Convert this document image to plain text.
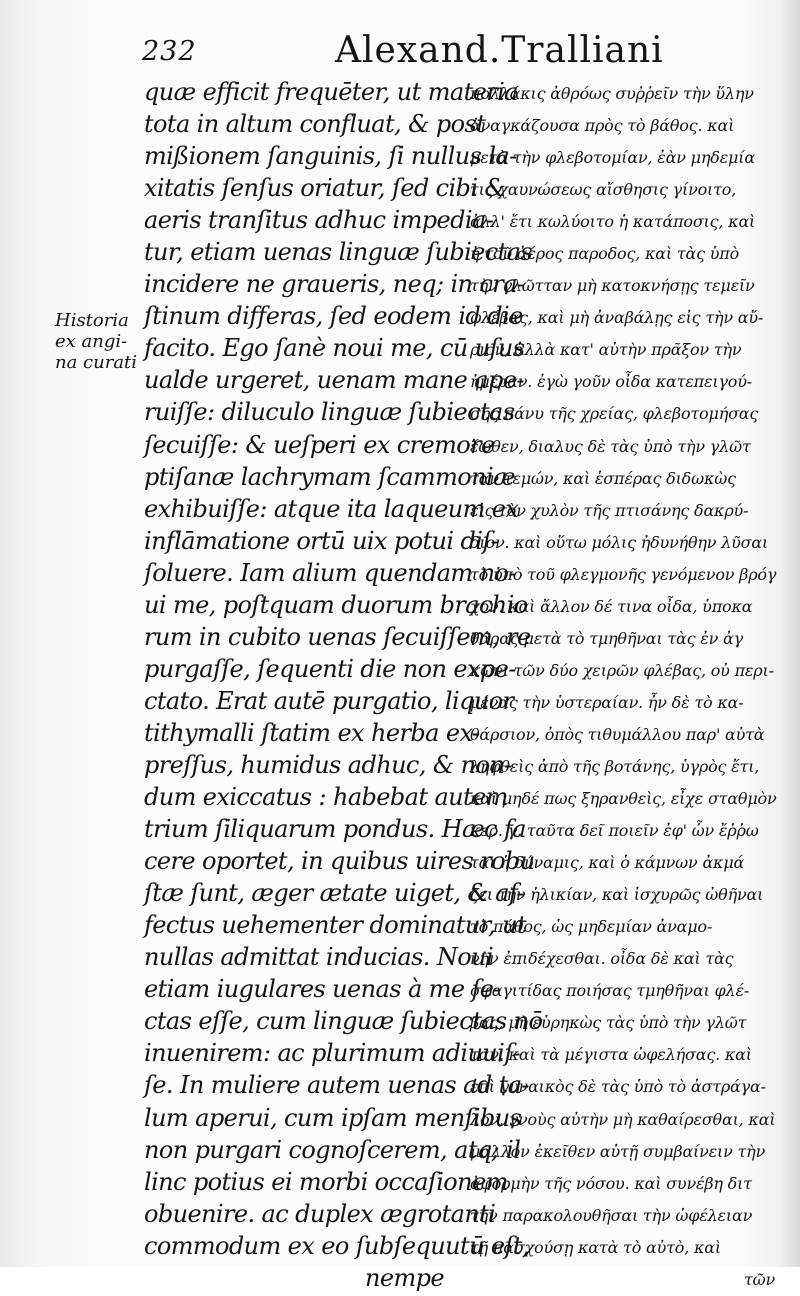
232	Alexand.Tralliani
Historia
ex angi-
na curati
quæ efficit frequēter, ut materia
tota in altum confluat, & post
mißionem ſanguinis, ſi nullus la-
xitatis ſenſus oriatur, ſed cibi &
aeris tranſitus adhuc impedia-
tur, etiam uenas linguæ ſubiectas
incidere ne graueris, neq; in cra-
ſtinum differas, ſed eodem id die
facito. Ego ſanè noui me, cū uſus
ualde urgeret, uenam mane ape-
ruiſſe: diluculo linguæ ſubiectas
ſecuiſſe: & ueſperi ex cremore
ptiſanæ lachrymam ſcammoniæ
exhibuiſſe: atque ita laqueum ex
inflāmatione ortū uix potui diſ-
ſoluere. Iam alium quendam no-
ui me, poſtquam duorum brachio
rum in cubito uenas ſecuiſſem, re
purgaſſe, ſequenti die non expe-
ctato. Erat autē purgatio, liquor
tithymalli ſtatim ex herba ex-
preſſus, humidus adhuc, & non-
dum exiccatus : habebat autem
trium ſiliquarum pondus. Hæc fa
cere oportet, in quibus uires robu
ſtæ ſunt, æger ætate uiget, & af-
fectus uehementer dominatur, ut
nullas admittat inducias. Noui
etiam iugulares uenas à me ſe-
ctas eſſe, cum linguæ ſubiectas nō
inuenirem: ac plurimum adiuuiſ-
ſe. In muliere autem uenas ad ta-
lum aperui, cum ipſam menſibus
non purgari cognoſcerem, atq; il
linc potius ei morbi occaſionem
obuenire. ac duplex ægrotanti
commodum ex eo ſubſequutū eſt,
nempe
πολλάκις ἀθρόως συῤῥεῖν τὴν ὕλην
ἀναγκάζουσα πρὸς τὸ βάθος. καὶ
μετὰ τὴν φλεβοτομίαν, ἐὰν μηδεμία
τις χαυνώσεως αἴσθησις γίνοιτο,
ἀλλ' ἔτι κωλύοιτο ἡ κατάποσις, καὶ
ἡ τοῦ ἀέρος παροδος, καὶ τὰς ὑπὸ
τὴν γλῶτταν μὴ κατοκνήσῃς τεμεῖν
φλέβας, καὶ μὴ ἀναβάλῃς εἰς τὴν αὔ-
ριον, ἀλλὰ κατ' αὐτὴν πρᾶξον τὴν
ἡμέραν. ἐγὼ γοῦν οἶδα κατεπειγού-
σης πάνυ τῆς χρείας, φλεβοτομήσας
ἕωθεν, διαλυς δὲ τὰς ὑπὸ τὴν γλῶτ
ταν τεμών, καὶ ἑσπέρας διδωκὼς
εἰς τὸν χυλὸν τῆς πτισάνης δακρύ-
διον. καὶ οὕτω μόλις ἠδυνήθην λῦσαι
τὸ ὑπὸ τοῦ φλεγμονῆς γενόμενον βρόγ
χον. καὶ ἄλλον δέ τινα οἶδα, ὑποκα
θάρας μετὰ τὸ τμηθῆναι τὰς ἐν ἀγ
κῶνι τῶν δύο χειρῶν φλέβας, οὐ περι-
μένας τὴν ὑστεραίαν. ἦν δὲ τὸ κα-
θάρσιον, ὀπὸς τιθυμάλλου παρ' αὐτὰ
ληφθεὶς ἀπὸ τῆς βοτάνης, ὑγρὸς ἔτι,
καὶ μηδέ πως ξηρανθεὶς, εἶχε σταθμὸν
κερ. γ. ταῦτα δεῖ ποιεῖν ἐφ' ὧν ἔῤῥω
ται ἡ δύναμις, καὶ ὁ κάμνων ἀκμά
ζει τὴν ἡλικίαν, καὶ ἰσχυρῶς ὠθῆναι
τὸ πάθος, ὡς μηδεμίαν ἀναμο-
νὴν ἐπιδέχεσθαι. οἶδα δὲ καὶ τὰς
σφαγιτίδας ποιήσας τμηθῆναι φλέ-
βας, μὴ εὑρηκὼς τὰς ὑπὸ τὴν γλῶτ
ταν, καὶ τὰ μέγιστα ὠφελήσας. καὶ
ἐπὶ γυναικὸς δὲ τὰς ὑπὸ τὸ ἀστράγα-
λον, γνοὺς αὐτὴν μὴ καθαίρεσθαι, καὶ
μᾶλλον ἐκεῖθεν αὐτῇ συμβαίνειν τὴν
ἀφορμὴν τῆς νόσου. καὶ συνέβη διτ
τὴν παρακολουθῆσαι τὴν ὠφέλειαν
τῇ πασχούσῃ κατὰ τὸ αὐτὸ, καὶ
τῶν
